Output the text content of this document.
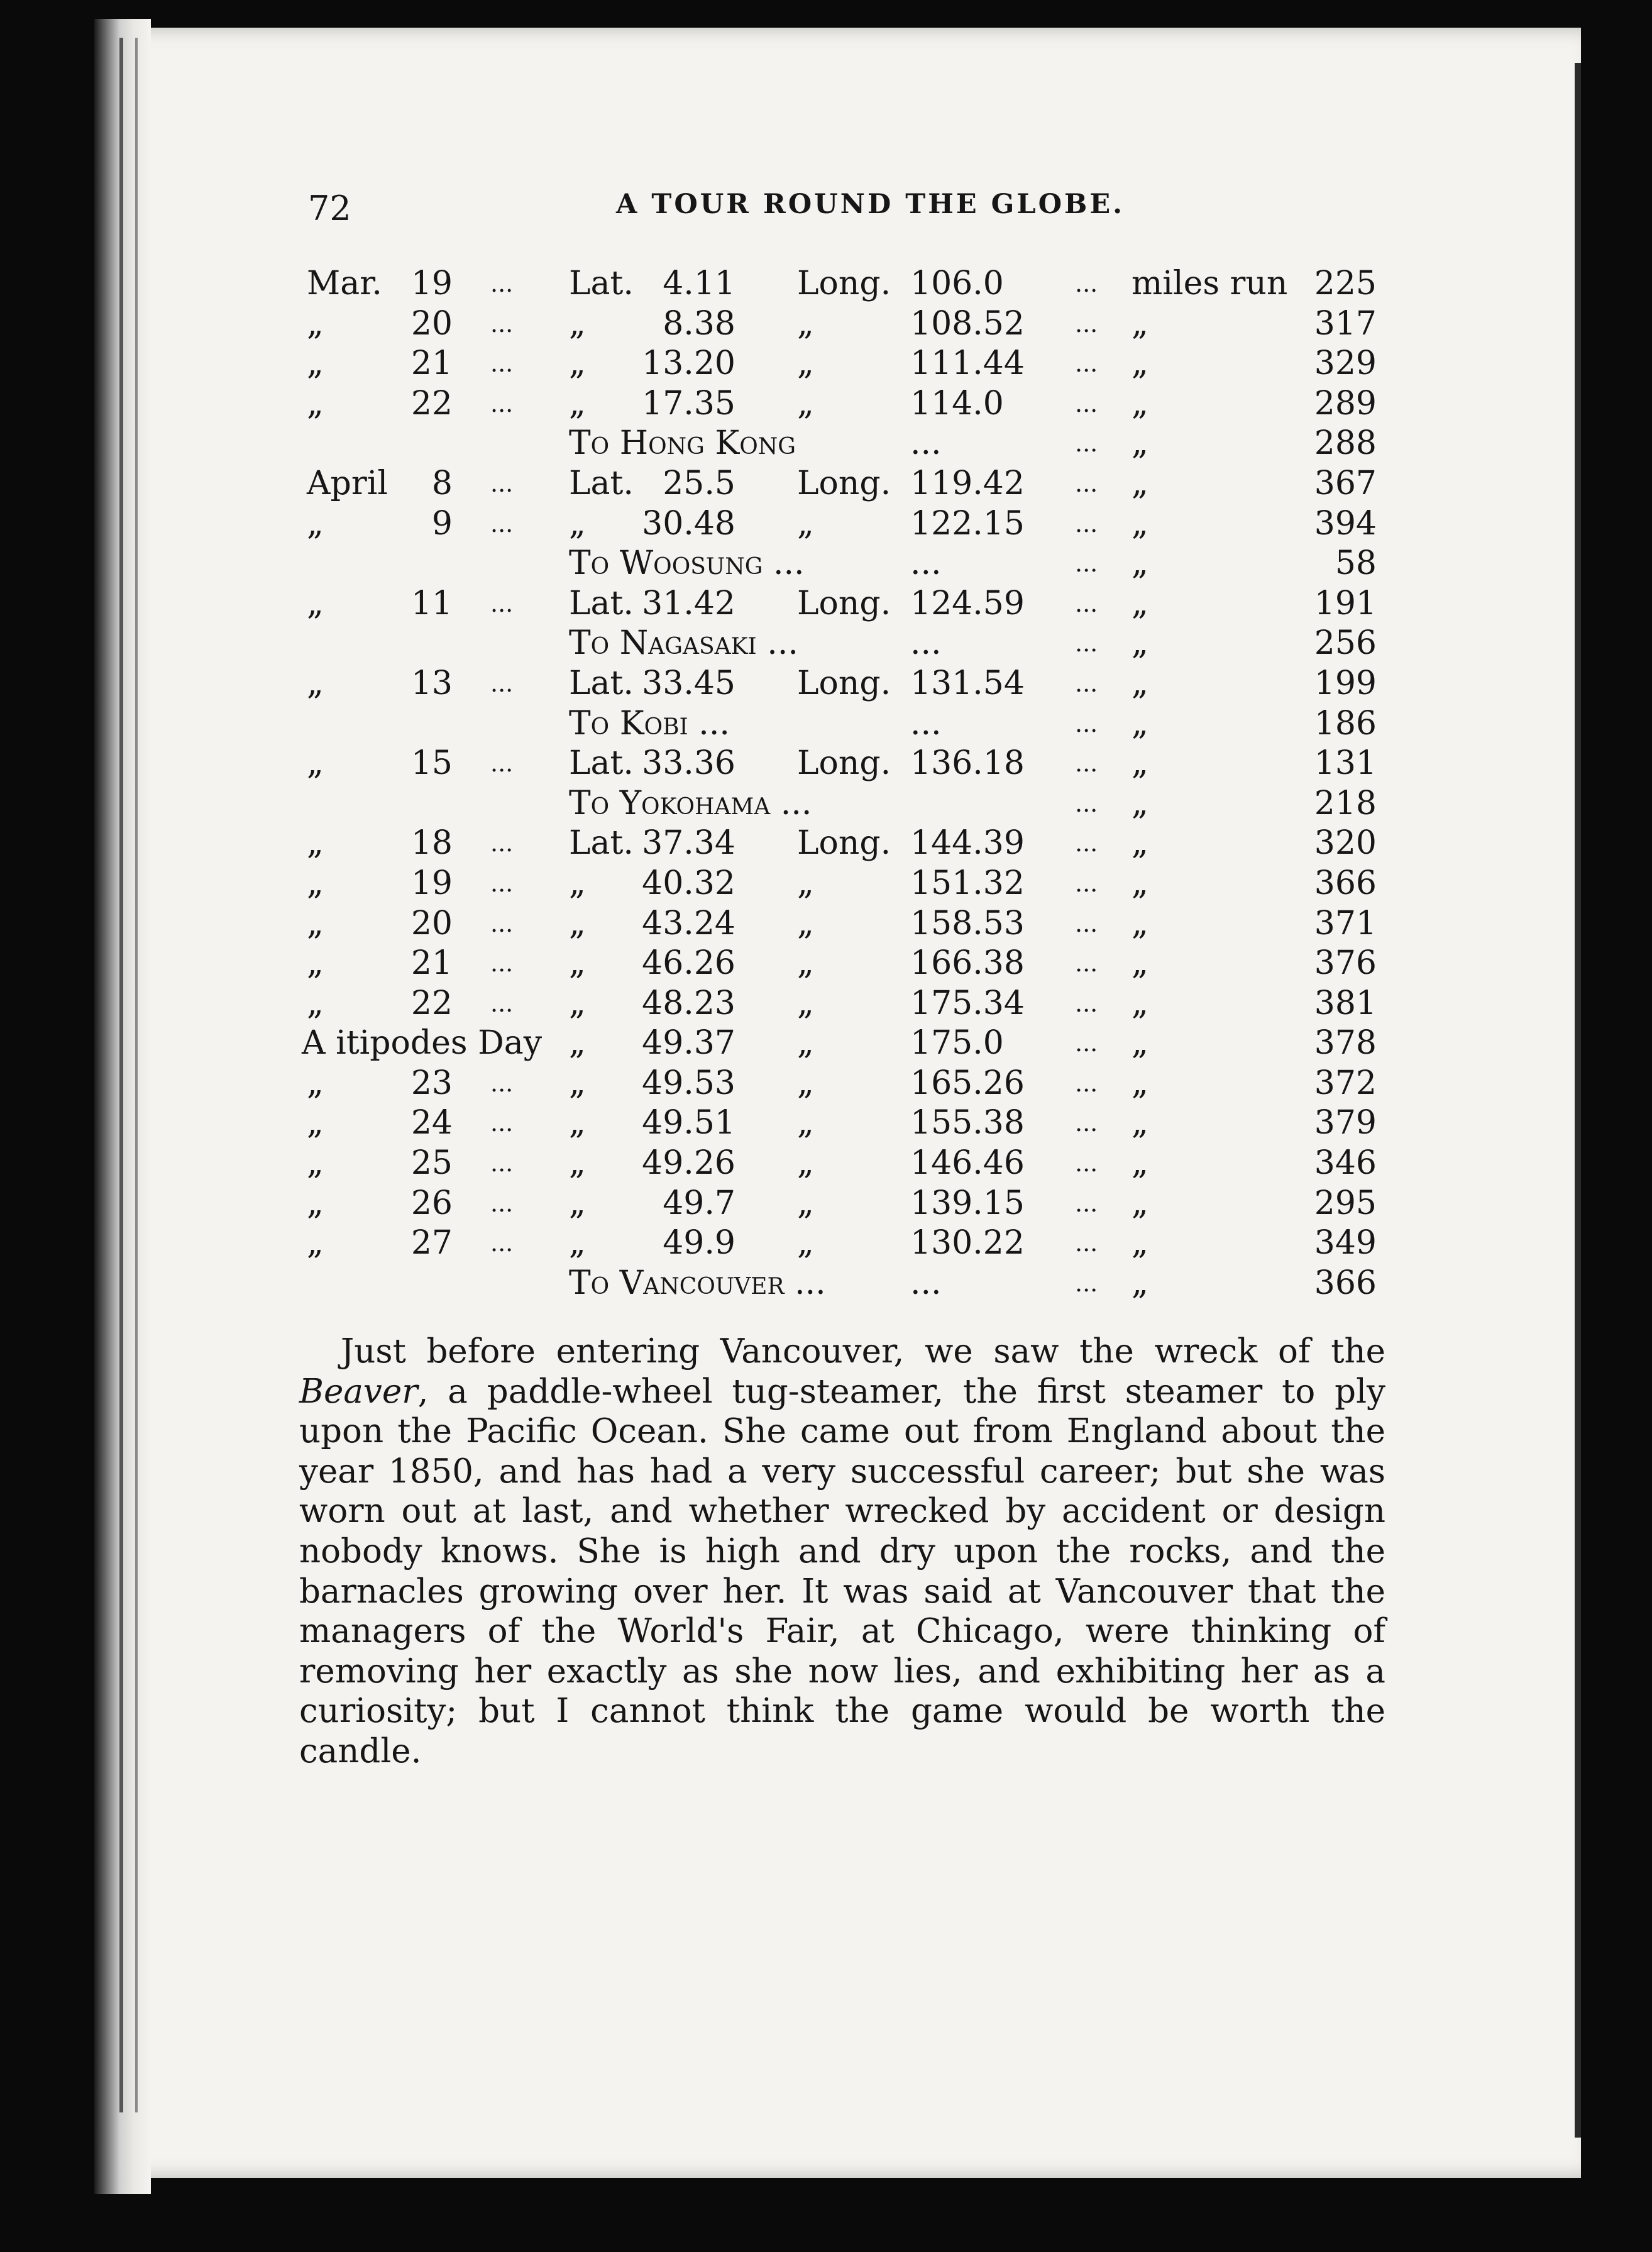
72	A TOUR ROUND THE GLOBE.
Mar. 19 ... Lat. 4.11 Long. 106.0	... miles run 225
„	20 ... „	8.38 „	108.52 ... „	317
„	21 ... „	13.20 „	111.44 ... „	329
„	22 ... „	17.35 „	114.0	... „	289
To Hong Kong	...	... „	288
April	8 ... Lat. 25.5 Long. 119.42 ... „	367
„	9 ... „	30.48 „	122.15 ... „	394
To Woosung ...	...	... „	58
„	11 ... Lat. 31.42 Long. 124.59 ... „	191
To Nagasaki ...	...	... „	256
„	13 ... Lat. 33.45 Long. 131.54 ... „	199
To Kobi ...	...	... „	186
„	15 ... Lat. 33.36 Long. 136.18 ... „	131
To Yokohama ...	... „	218
„	18 ... Lat. 37.34 Long. 144.39 ... „	320
„	19 ... „	40.32 „	151.32 ... „	366
„	20 ... „	43.24 „	158.53 ... „	371
„	21 ... „	46.26 „	166.38 ... „	376
„	22 ... „	48.23 „	175.34 ... „	381
A itipodes Day „	49.37 „	175.0	... „	378
„	23 ... „	49.53 „	165.26 ... „	372
„	24 ... „	49.51 „	155.38 ... „	379
„	25 ... „	49.26 „	146.46 ... „	346
„	26 ... „	49.7 „	139.15 ... „	295
„	27 ... „	49.9 „	130.22 ... „	349
To Vancouver ...	...	... „	366
Just before entering Vancouver, we saw the wreck of the Beaver, a paddle-wheel tug-steamer, the first steamer to ply upon the Pacific Ocean. She came out from England about the year 1850, and has had a very successful career; but she was worn out at last, and whether wrecked by accident or design nobody knows. She is high and dry upon the rocks, and the barnacles growing over her. It was said at Vancouver that the managers of the World's Fair, at Chicago, were thinking of removing her exactly as she now lies, and exhibiting her as a curiosity; but I cannot think the game would be worth the candle.
